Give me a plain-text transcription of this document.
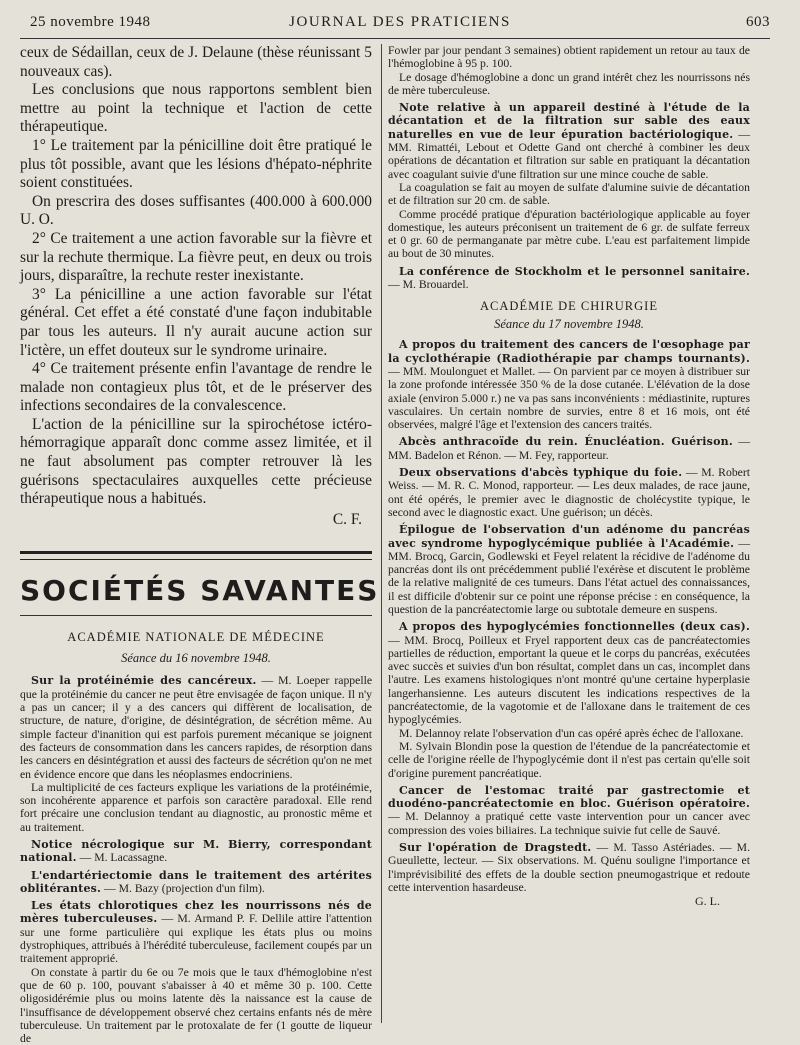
25 novembre 1948	JOURNAL DES PRATICIENS	603

ceux de Sédaillan, ceux de J. Delaune (thèse réunissant 5 nouveaux cas).

Les conclusions que nous rapportons semblent bien mettre au point la technique et l'action de cette thérapeutique.

1° Le traitement par la pénicilline doit être pratiqué le plus tôt possible, avant que les lésions d'hépato-néphrite soient constituées.

On prescrira des doses suffisantes (400.000 à 600.000 U. O.

2° Ce traitement a une action favorable sur la fièvre et sur la rechute thermique. La fièvre peut, en deux ou trois jours, disparaître, la rechute rester inexistante.

3° La pénicilline a une action favorable sur l'état général. Cet effet a été constaté d'une façon indubitable par tous les auteurs. Il n'y aurait aucune action sur l'ictère, un effet douteux sur le syndrome urinaire.

4° Ce traitement présente enfin l'avantage de rendre le malade non contagieux plus tôt, et de le préserver des infections secondaires de la convalescence.

L'action de la pénicilline sur la spirochétose ictéro-hémorragique apparaît donc comme assez limitée, et il ne faut absolument pas compter retrouver là les guérisons spectaculaires auxquelles cette précieuse thérapeutique nous a habitués.

C. F.

SOCIÉTÉS SAVANTES
ACADÉMIE NATIONALE DE MÉDECINE
Séance du 16 novembre 1948.

Sur la protéinémie des cancéreux. — M. Loeper rappelle que la protéinémie du cancer ne peut être envisagée de façon unique. Il n'y a pas un cancer; il y a des cancers qui diffèrent de localisation, de structure, de nature, d'origine, de désintégration, de sécrétion même. Au simple facteur d'inanition qui est parfois purement mécanique se joignent des facteurs de consommation dans les cancers rapides, de résorption dans les cancers en désintégration et aussi des facteurs de sécrétion qu'on ne met en évidence encore que dans les néoplasmes endocriniens.

La multiplicité de ces facteurs explique les variations de la protéinémie, son incohérente apparence et parfois son caractère paradoxal. Elle rend fort précaire une conclusion tendant au diagnostic, au pronostic même et au traitement.

Notice nécrologique sur M. Bierry, correspondant national. — M. Lacassagne.

L'endartériectomie dans le traitement des artérites oblitérantes. — M. Bazy (projection d'un film).

Les états chlorotiques chez les nourrissons nés de mères tuberculeuses. — M. Armand P. F. Dellile attire l'attention sur une forme particulière qui explique les états plus ou moins dystrophiques, attribués à l'hérédité tuberculeuse, facilement coupés par un traitement approprié.

On constate à partir du 6e ou 7e mois que le taux d'hémoglobine n'est que de 60 p. 100, pouvant s'abaisser à 40 et même 30 p. 100. Cette oligosidérémie plus ou moins latente dès la naissance est la cause de l'insuffisance de développement observé chez certains enfants nés de mère tuberculeuse. Un traitement par le protoxalate de fer (1 goutte de liqueur de

Fowler par jour pendant 3 semaines) obtient rapidement un retour au taux de l'hémoglobine à 95 p. 100.

Le dosage d'hémoglobine a donc un grand intérêt chez les nourrissons nés de mère tuberculeuse.

Note relative à un appareil destiné à l'étude de la décantation et de la filtration sur sable des eaux naturelles en vue de leur épuration bactériologique. — MM. Rimattéi, Lebout et Odette Gand ont cherché à combiner les deux opérations de décantation et filtration sur sable en pratiquant la décantation avec coagulant suivie d'une filtration sur une mince couche de sable.

La coagulation se fait au moyen de sulfate d'alumine suivie de décantation et de filtration sur 20 cm. de sable.

Comme procédé pratique d'épuration bactériologique applicable au foyer domestique, les auteurs préconisent un traitement de 6 gr. de sulfate ferreux et 0 gr. 60 de permanganate par mètre cube. L'eau est parfaitement limpide au bout de 30 minutes.

La conférence de Stockholm et le personnel sanitaire. — M. Brouardel.

ACADÉMIE DE CHIRURGIE
Séance du 17 novembre 1948.

A propos du traitement des cancers de l'œsophage par la cyclothérapie (Radiothérapie par champs tournants). — MM. Moulonguet et Mallet. — On parvient par ce moyen à distribuer sur la zone profonde intéressée 350 % de la dose cutanée. L'élévation de la dose axiale (environ 5.000 r.) ne va pas sans inconvénients : médiastinite, ruptures vasculaires. Un certain nombre de survies, entre 8 et 16 mois, ont été observées, malgré l'âge et l'extension des cancers traités.

Abcès anthracoïde du rein. Énucléation. Guérison. — MM. Badelon et Rénon. — M. Fey, rapporteur.

Deux observations d'abcès typhique du foie. — M. Robert Weiss. — M. R. C. Monod, rapporteur. — Les deux malades, de race jaune, ont été opérés, le premier avec le diagnostic de cholécystite typique, le second avec le diagnostic exact. Une guérison; un décès.

Épilogue de l'observation d'un adénome du pancréas avec syndrome hypoglycémique publiée à l'Académie. — MM. Brocq, Garcin, Godlewski et Feyel relatent la récidive de l'adénome du pancréas dont ils ont précédemment publié l'exérèse et discutent le problème de la relative malignité de ces tumeurs. Dans l'état actuel des connaissances, il est difficile d'obtenir sur ce point une réponse précise : en conséquence, la question de la pancréatectomie large ou subtotale demeure en suspens.

A propos des hypoglycémies fonctionnelles (deux cas). — MM. Brocq, Poilleux et Fryel rapportent deux cas de pancréatectomies partielles de réduction, emportant la queue et le corps du pancréas, exécutées avec succès et suivies d'un bon résultat, complet dans un cas, incomplet dans l'autre. Les examens histologiques n'ont montré qu'une certaine hyperplasie langerhansienne. Les auteurs discutent les indications respectives de la pancréatectomie, de la vagotomie et de l'alloxane dans le traitement de ces hypoglycémies.

M. Delannoy relate l'observation d'un cas opéré après échec de l'alloxane.

M. Sylvain Blondin pose la question de l'étendue de la pancréatectomie et celle de l'origine réelle de l'hypoglycémie dont il n'est pas certain qu'elle soit d'origine purement pancréatique.

Cancer de l'estomac traité par gastrectomie et duodéno-pancréatectomie en bloc. Guérison opératoire. — M. Delannoy a pratiqué cette vaste intervention pour un cancer avec compression des voies biliaires. La technique suivie fut celle de Sauvé.

Sur l'opération de Dragstedt. — M. Tasso Astériades. — M. Gueullette, lecteur. — Six observations. M. Quénu souligne l'importance et l'imprévisibilité des effets de la double section pneumogastrique et redoute cette intervention hasardeuse.

G. L.
